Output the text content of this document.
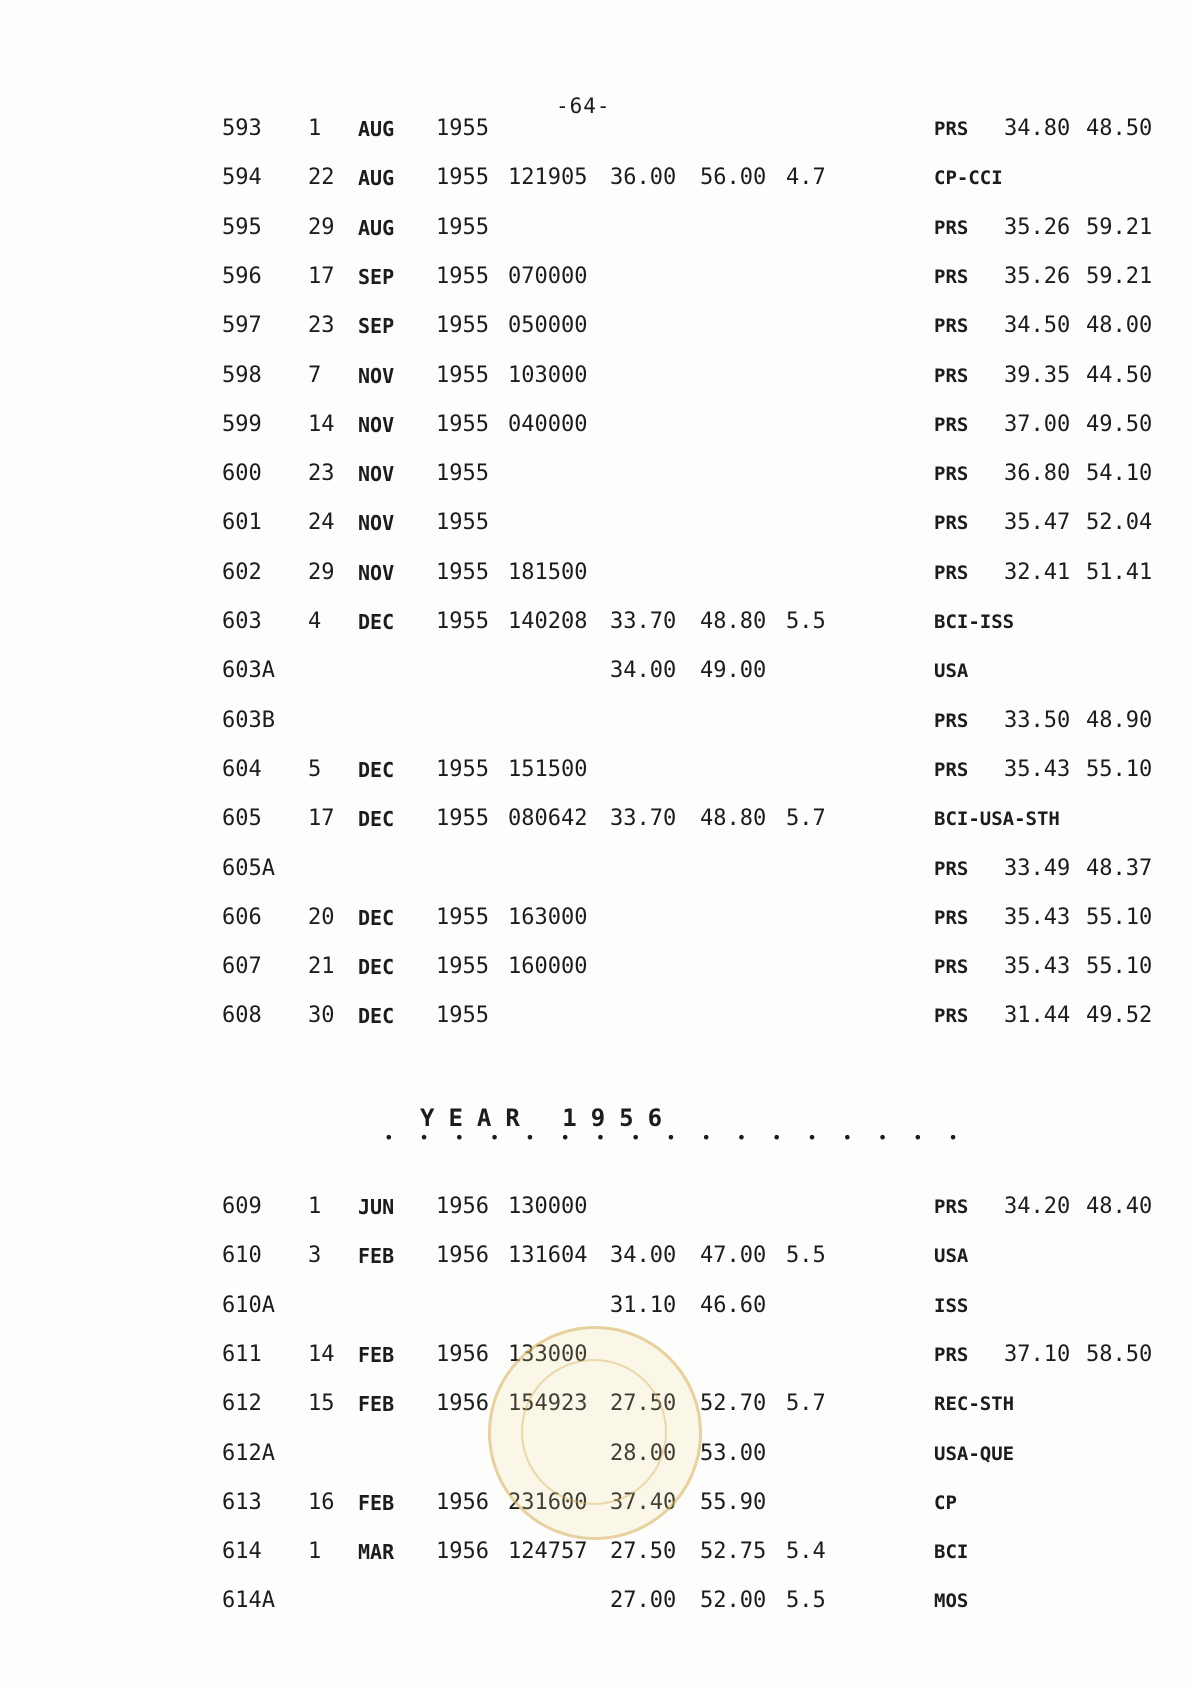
-64-
593 1 AUG 1955	PRS 34.80 48.50
594 22 AUG 1955 121905 36.00 56.00 4.7	CP-CCI
595 29 AUG 1955	PRS 35.26 59.21
596 17 SEP 1955 070000	PRS 35.26 59.21
597 23 SEP 1955 050000	PRS 34.50 48.00
598 7 NOV 1955 103000	PRS 39.35 44.50
599 14 NOV 1955 040000	PRS 37.00 49.50
600 23 NOV 1955	PRS 36.80 54.10
601 24 NOV 1955	PRS 35.47 52.04
602 29 NOV 1955 181500	PRS 32.41 51.41
603 4 DEC 1955 140208 33.70 48.80 5.5	BCI-ISS
603A	34.00 49.00	USA
603B	PRS 33.50 48.90
604 5 DEC 1955 151500	PRS 35.43 55.10
605 17 DEC 1955 080642 33.70 48.80 5.7	BCI-USA-STH
605A	PRS 33.49 48.37
606 20 DEC 1955 163000	PRS 35.43 55.10
607 21 DEC 1955 160000	PRS 35.43 55.10
608 30 DEC 1955	PRS 31.44 49.52
YEAR 1956
• • • • • • • • • • • • • • • • •
609 1 JUN 1956 130000	PRS 34.20 48.40
610 3 FEB 1956 131604 34.00 47.00 5.5	USA
610A	31.10 46.60	ISS
611 14 FEB 1956 133000	PRS 37.10 58.50
612 15 FEB 1956 154923 27.50 52.70 5.7	REC-STH
612A	28.00 53.00	USA-QUE
613 16 FEB 1956 231600 37.40 55.90	CP
614 1 MAR 1956 124757 27.50 52.75 5.4	BCI
614A	27.00 52.00 5.5	MOS
